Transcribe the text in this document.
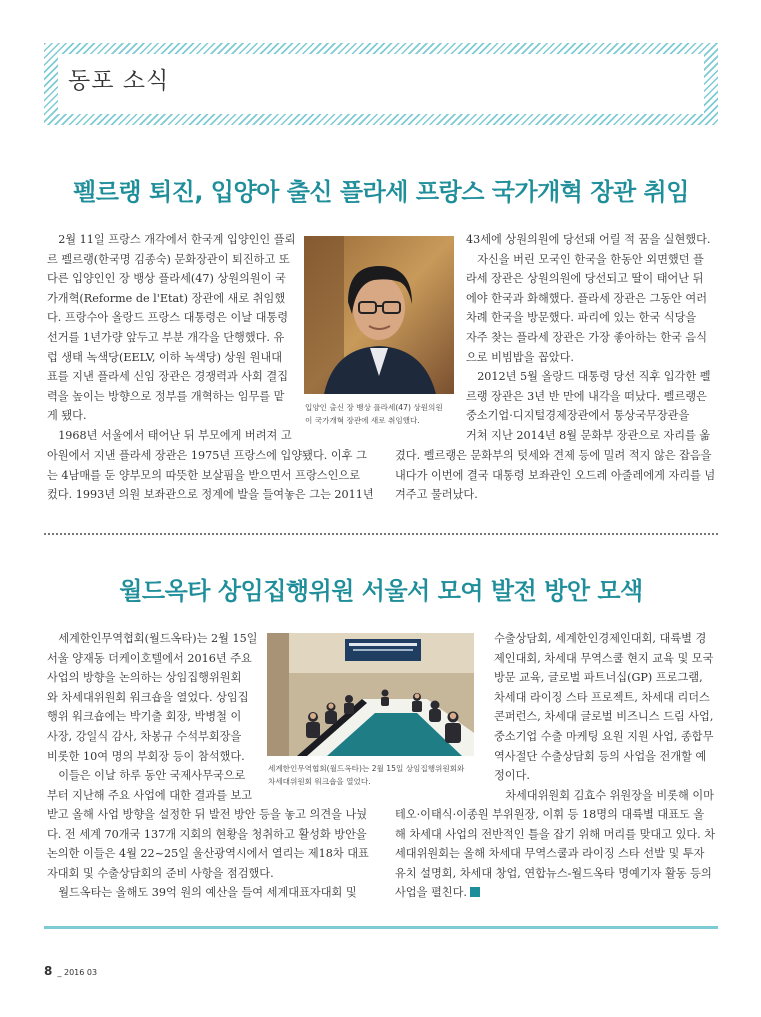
동포 소식
펠르랭 퇴진, 입양아 출신 플라세 프랑스 국가개혁 장관 취임
　2월 11일 프랑스 개각에서 한국계 입양인인 플뢰
르 펠르랭(한국명 김종숙) 문화장관이 퇴진하고 또
다른 입양인인 장 뱅상 플라세(47) 상원의원이 국
가개혁(Reforme de l'Etat) 장관에 새로 취임했
다. 프랑수아 올랑드 프랑스 대통령은 이날 대통령
선거를 1년가량 앞두고 부분 개각을 단행했다. 유
럽 생태 녹색당(EELV, 이하 녹색당) 상원 원내대
표를 지낸 플라세 신임 장관은 경쟁력과 사회 결집
력을 높이는 방향으로 정부를 개혁하는 임무를 맡
게 됐다.
　1968년 서울에서 태어난 뒤 부모에게 버려져 고
아원에서 지낸 플라세 장관은 1975년 프랑스에 입양됐다. 이후 그
는 4남매를 둔 양부모의 따뜻한 보살핌을 받으면서 프랑스인으로
컸다. 1993년 의원 보좌관으로 정계에 발을 들여놓은 그는 2011년
43세에 상원의원에 당선돼 어릴 적 꿈을 실현했다.
　자신을 버린 모국인 한국을 한동안 외면했던 플
라세 장관은 상원의원에 당선되고 딸이 태어난 뒤
에야 한국과 화해했다. 플라세 장관은 그동안 여러
차례 한국을 방문했다. 파리에 있는 한국 식당을
자주 찾는 플라세 장관은 가장 좋아하는 한국 음식
으로 비빔밥을 꼽았다.
　2012년 5월 올랑드 대통령 당선 직후 입각한 펠
르랭 장관은 3년 반 만에 내각을 떠났다. 펠르랭은
중소기업·디지털경제장관에서 통상국무장관을
거쳐 지난 2014년 8월 문화부 장관으로 자리를 옮
겼다. 펠르랭은 문화부의 텃세와 견제 등에 밀려 적지 않은 잡음을
내다가 이번에 결국 대통령 보좌관인 오드레 아줄레에게 자리를 넘
겨주고 물러났다.
입양인 출신 장 뱅상 플라세(47) 상원의원
이 국가개혁 장관에 새로 취임했다.
월드옥타 상임집행위원 서울서 모여 발전 방안 모색
　세계한인무역협회(월드옥타)는 2월 15일
서울 양재동 더케이호텔에서 2016년 주요
사업의 방향을 논의하는 상임집행위원회
와 차세대위원회 워크숍을 열었다. 상임집
행위 워크숍에는 박기출 회장, 박병철 이
사장, 강일식 감사, 차봉규 수석부회장을
비롯한 10여 명의 부회장 등이 참석했다.
　이들은 이날 하루 동안 국제사무국으로
부터 지난해 주요 사업에 대한 결과를 보고
받고 올해 사업 방향을 설정한 뒤 발전 방안 등을 놓고 의견을 나눴
다. 전 세계 70개국 137개 지회의 현황을 청취하고 활성화 방안을
논의한 이들은 4월 22~25일 울산광역시에서 열리는 제18차 대표
자대회 및 수출상담회의 준비 사항을 점검했다.
　월드옥타는 올해도 39억 원의 예산을 들여 세계대표자대회 및
수출상담회, 세계한인경제인대회, 대륙별 경
제인대회, 차세대 무역스쿨 현지 교육 및 모국
방문 교육, 글로벌 파트너십(GP) 프로그램,
차세대 라이징 스타 프로젝트, 차세대 리더스
콘퍼런스, 차세대 글로벌 비즈니스 드림 사업,
중소기업 수출 마케팅 요원 지원 사업, 종합무
역사절단 수출상담회 등의 사업을 전개할 예
정이다.
　차세대위원회 김효수 위원장을 비롯해 이마
테오·이태식·이종원 부위원장, 이휘 등 18명의 대륙별 대표도 올
해 차세대 사업의 전반적인 틀을 잡기 위해 머리를 맞대고 있다. 차
세대위원회는 올해 차세대 무역스쿨과 라이징 스타 선발 및 투자
유치 설명회, 차세대 창업, 연합뉴스-월드옥타 명예기자 활동 등의
사업을 펼친다.
세계한인무역협회(월드옥타)는 2월 15일 상임집행위원회와
차세대위원회 워크숍을 열었다.
8 _ 2016 03
